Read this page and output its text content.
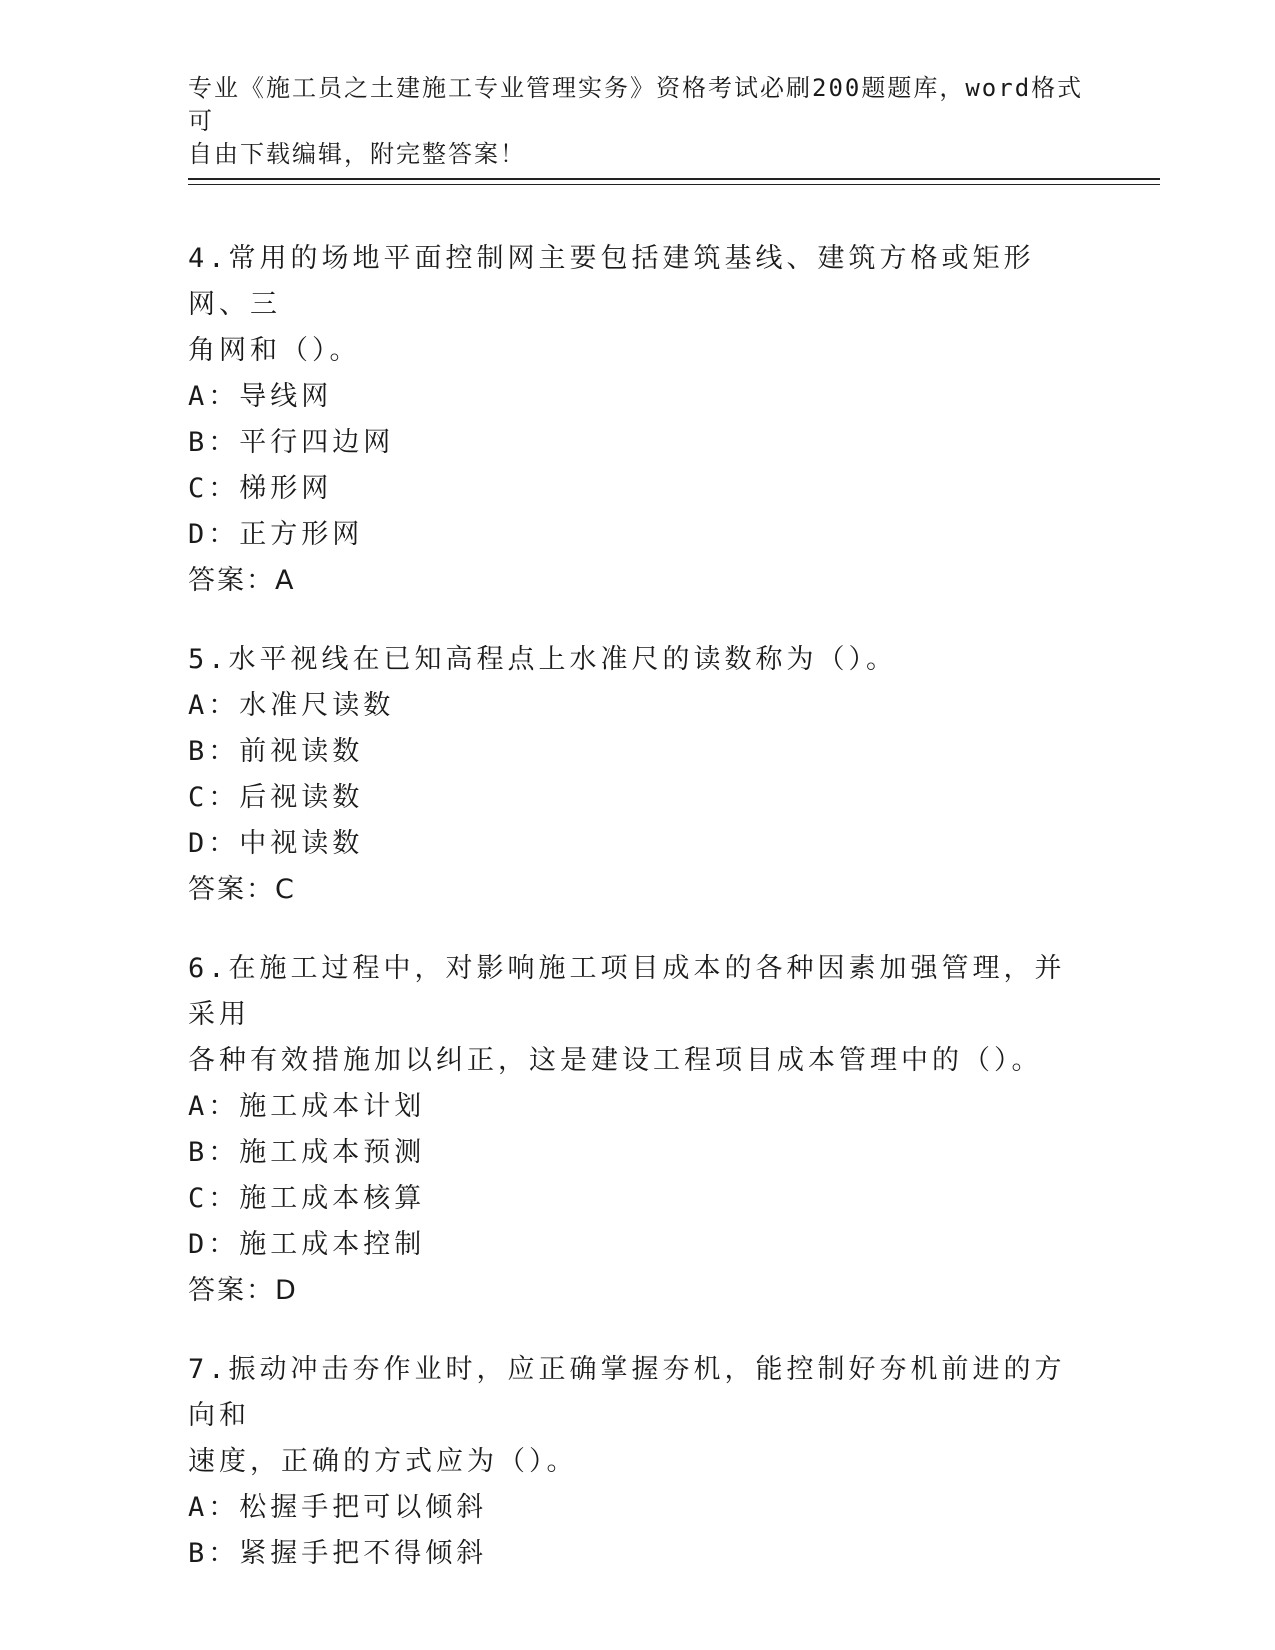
专业《施工员之土建施工专业管理实务》资格考试必刷200题题库，word格式可
自由下载编辑，附完整答案！
4.常用的场地平面控制网主要包括建筑基线、建筑方格或矩形网、三
角网和（）。
A：导线网
B：平行四边网
C：梯形网
D：正方形网
答案：A
5.水平视线在已知高程点上水准尺的读数称为（）。
A：水准尺读数
B：前视读数
C：后视读数
D：中视读数
答案：C
6.在施工过程中，对影响施工项目成本的各种因素加强管理，并采用
各种有效措施加以纠正，这是建设工程项目成本管理中的（）。
A：施工成本计划
B：施工成本预测
C：施工成本核算
D：施工成本控制
答案：D
7.振动冲击夯作业时，应正确掌握夯机，能控制好夯机前进的方向和
速度，正确的方式应为（）。
A：松握手把可以倾斜
B：紧握手把不得倾斜
